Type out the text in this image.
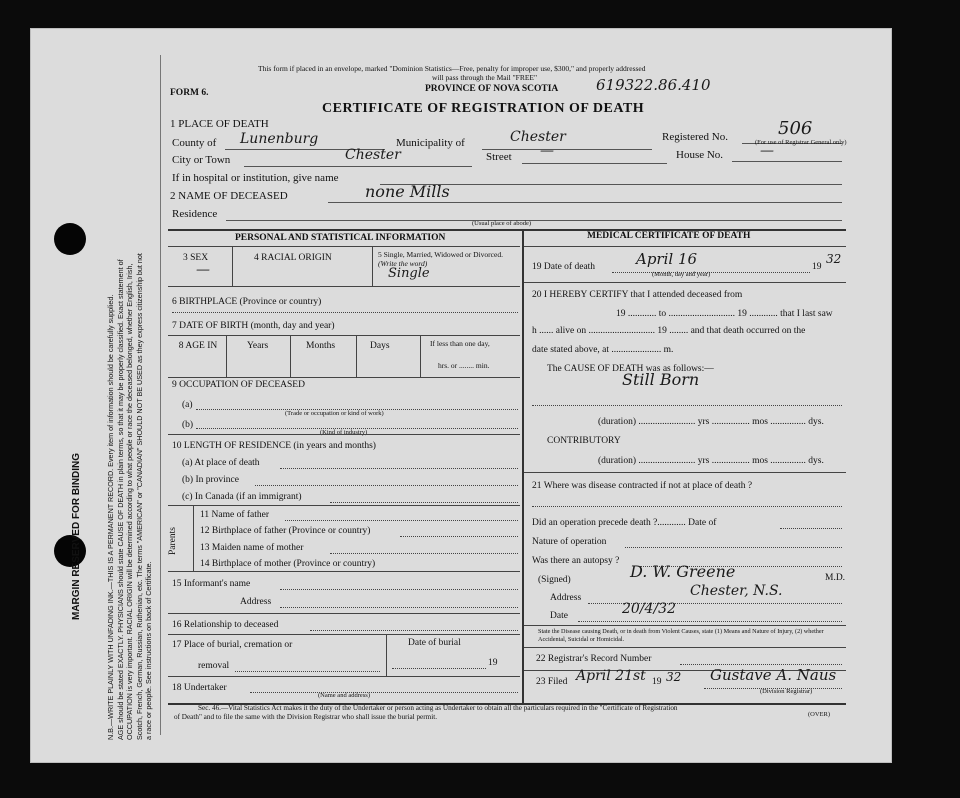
MARGIN RESERVED FOR BINDING	N.B.—WRITE PLAINLY WITH UNFADING INK.—THIS IS A PERMANENT RECORD. Every item of information should be carefully supplied. AGE should be stated EXACTLY. PHYSICIANS should state CAUSE OF DEATH in plain terms, so that it may be properly classified. Exact statement of OCCUPATION is very important. RACIAL ORIGIN will be determined according to what people or race the deceased belonged, whether English, Irish, Scotch, French, German, Russian, Ruthenian, etc. The terms "AMERICAN" or "CANADIAN" SHOULD NOT BE USED as they express citizenship but not a race or people. See instructions on back of Certificate.
This form if placed in an envelope, marked "Dominion Statistics—Free, penalty for improper use, $300," and properly addressed
will pass through the Mail "FREE"
PROVINCE OF NOVA SCOTIA	619322.86.410
FORM 6.
CERTIFICATE OF REGISTRATION OF DEATH
1 PLACE OF DEATH
County of Lunenburg	Municipality of	Chester	Registered No.	506
(For use of Registrar General only)
City or Town	Chester	Street —	House No.	—
If in hospital or institution, give name
2 NAME OF DECEASED	none Mills
Residence
(Usual place of abode)
PERSONAL AND STATISTICAL INFORMATION
3 SEX
—
4 RACIAL ORIGIN	5 Single, Married, Widowed or Divorced.
(Write the word)
Single
6 BIRTHPLACE (Province or country)
7 DATE OF BIRTH (month, day and year)
8 AGE IN	Years	Months	Days	If less than one day,
hrs. or ........ min.
9 OCCUPATION OF DECEASED
(a)
(Trade or occupation or kind of work)
(b)
(Kind of industry)
10 LENGTH OF RESIDENCE (in years and months)
(a) At place of death
(b) In province
(c) In Canada (if an immigrant)
Parents
11 Name of father
12 Birthplace of father (Province or country)
13 Maiden name of mother
14 Birthplace of mother (Province or country)
15 Informant's name
Address
16 Relationship to deceased
17 Place of burial, cremation or
removal
Date of burial
19
18 Undertaker
(Name and address)
MEDICAL CERTIFICATE OF DEATH
19 Date of death	April 16
(Month, day and year)
19
32
20 I HEREBY CERTIFY that I attended deceased from
19 ............ to ............................ 19 ............ that I last saw
h ...... alive on ............................ 19 ........ and that death occurred on the
date stated above, at ..................... m.
The CAUSE OF DEATH was as follows:—
Still Born
(duration) ........................ yrs ................ mos ............... dys.
CONTRIBUTORY
(duration) ........................ yrs ................ mos ............... dys.
21 Where was disease contracted if not at place of death ?
Did an operation precede death ?............ Date of
Nature of operation
Was there an autopsy ?
(Signed)	D. W. Greene	M.D.
Address	Chester, N.S.
Date	20/4/32
State the Disease causing Death, or in death from Violent Causes, state (1) Means and Nature of Injury, (2) whether Accidental, Suicidal or Homicidal.
22 Registrar's Record Number
23 Filed April 21st 19 32 Gustave A. Naus
(Division Registrar)
Sec. 46.—Vital Statistics Act makes it the duty of the Undertaker or person acting as Undertaker to obtain all the particulars required in the "Certificate of Registration
of Death" and to file the same with the Division Registrar who shall issue the burial permit.	(OVER)
